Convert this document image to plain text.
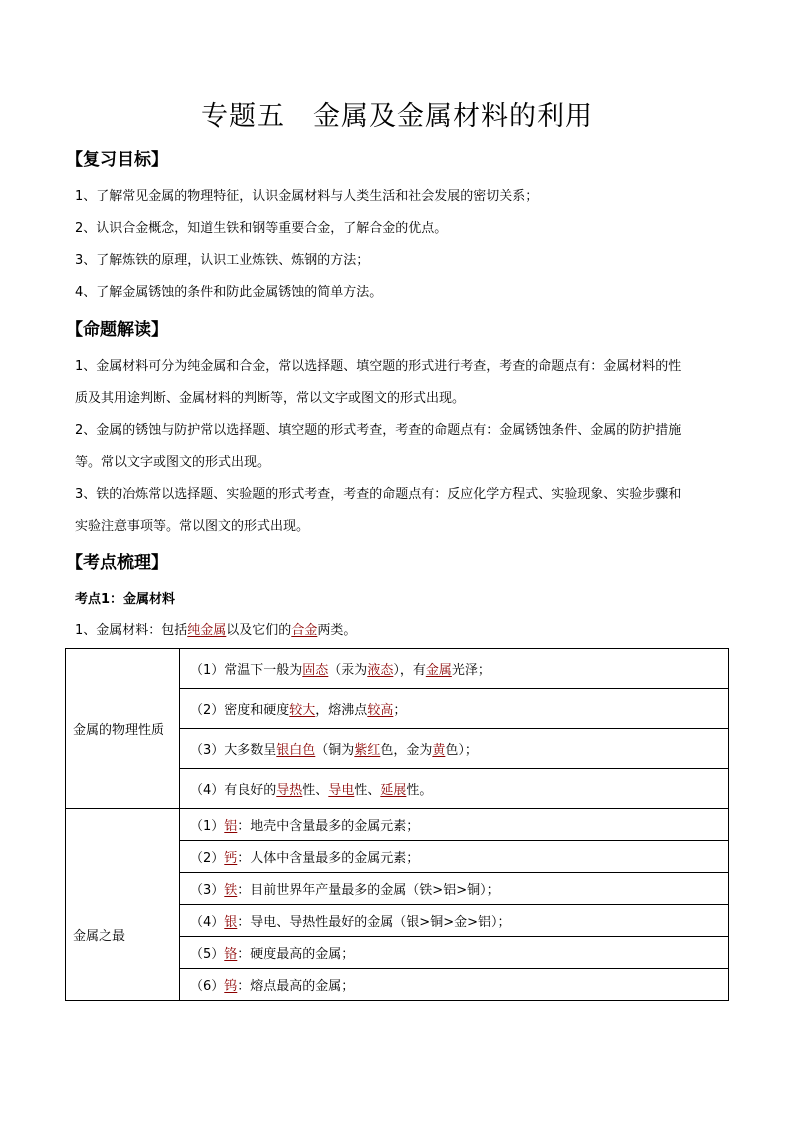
专题五　金属及金属材料的利用
【复习目标】
1、了解常见金属的物理特征，认识金属材料与人类生活和社会发展的密切关系；
2、认识合金概念，知道生铁和钢等重要合金，了解合金的优点。
3、了解炼铁的原理，认识工业炼铁、炼钢的方法；
4、了解金属锈蚀的条件和防此金属锈蚀的简单方法。
【命题解读】
1、金属材料可分为纯金属和合金，常以选择题、填空题的形式进行考查，考查的命题点有：金属材料的性
质及其用途判断、金属材料的判断等，常以文字或图文的形式出现。
2、金属的锈蚀与防护常以选择题、填空题的形式考查，考查的命题点有：金属锈蚀条件、金属的防护措施
等。常以文字或图文的形式出现。
3、铁的冶炼常以选择题、实验题的形式考查，考查的命题点有：反应化学方程式、实验现象、实验步骤和
实验注意事项等。常以图文的形式出现。
【考点梳理】
考点1：金属材料
1、金属材料：包括纯金属以及它们的合金两类。
金属的物理性质	（1）常温下一般为固态（汞为液态），有金属光泽；
	（2）密度和硬度较大，熔沸点较高；
	（3）大多数呈银白色（铜为紫红色，金为黄色）；
	（4）有良好的导热性、导电性、延展性。
金属之最	（1）铝：地壳中含量最多的金属元素；
	（2）钙：人体中含量最多的金属元素；
	（3）铁：目前世界年产量最多的金属（铁>铝>铜）；
	（4）银：导电、导热性最好的金属（银>铜>金>铝）；
	（5）铬：硬度最高的金属；
	（6）钨：熔点最高的金属；
